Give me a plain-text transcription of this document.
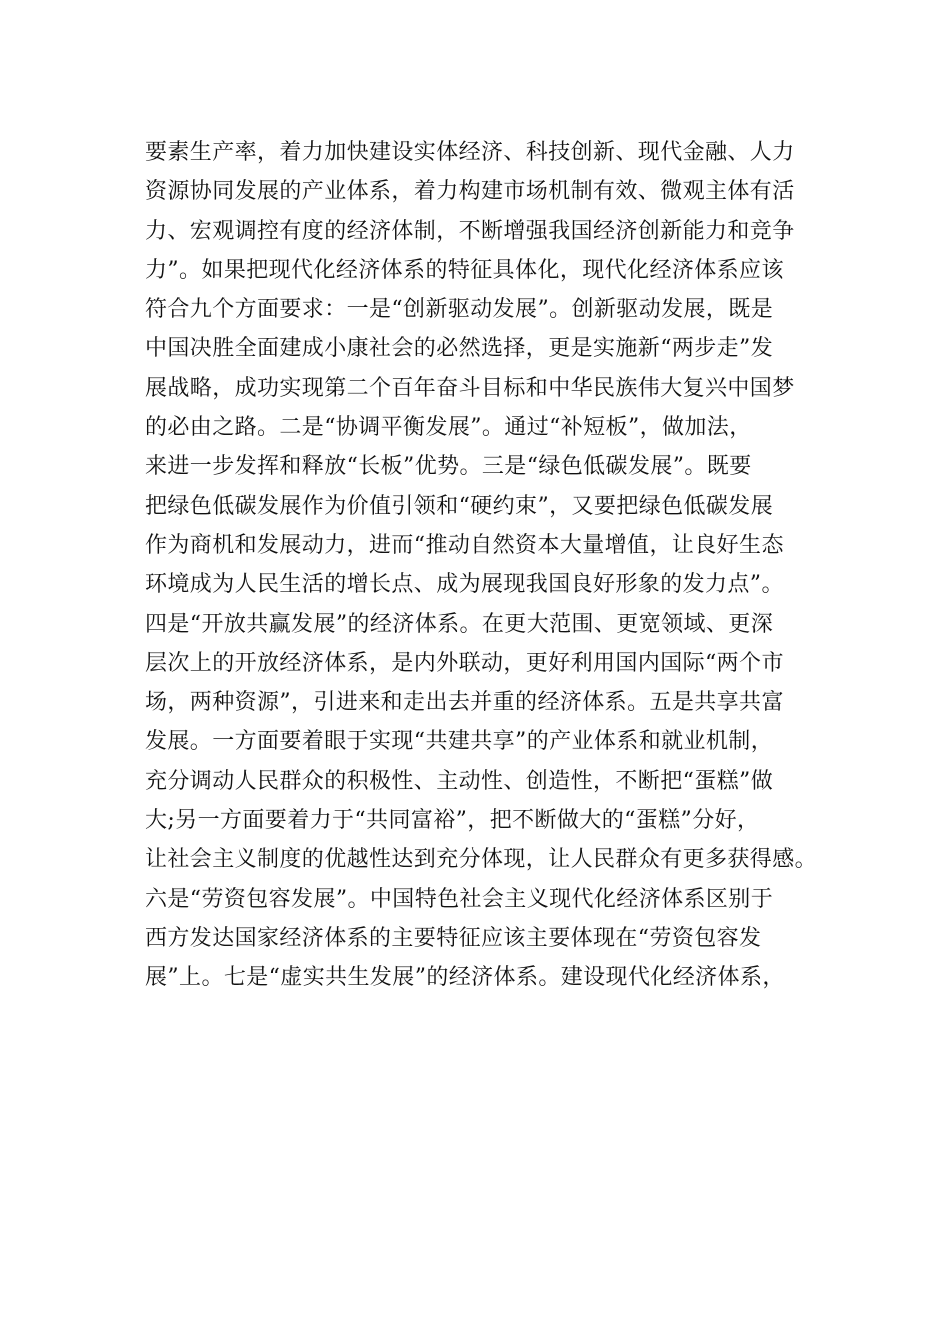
要素生产率，着力加快建设实体经济、科技创新、现代金融、人力
资源协同发展的产业体系，着力构建市场机制有效、微观主体有活
力、宏观调控有度的经济体制，不断增强我国经济创新能力和竞争
力”。如果把现代化经济体系的特征具体化，现代化经济体系应该
符合九个方面要求：一是“创新驱动发展”。创新驱动发展，既是
中国决胜全面建成小康社会的必然选择，更是实施新“两步走”发
展战略，成功实现第二个百年奋斗目标和中华民族伟大复兴中国梦
的必由之路。二是“协调平衡发展”。通过“补短板”，做加法，
来进一步发挥和释放“长板”优势。三是“绿色低碳发展”。既要
把绿色低碳发展作为价值引领和“硬约束”，又要把绿色低碳发展
作为商机和发展动力，进而“推动自然资本大量增值，让良好生态
环境成为人民生活的增长点、成为展现我国良好形象的发力点”。
四是“开放共赢发展”的经济体系。在更大范围、更宽领域、更深
层次上的开放经济体系，是内外联动，更好利用国内国际“两个市
场，两种资源”，引进来和走出去并重的经济体系。五是共享共富
发展。一方面要着眼于实现“共建共享”的产业体系和就业机制，
充分调动人民群众的积极性、主动性、创造性，不断把“蛋糕”做
大;另一方面要着力于“共同富裕”，把不断做大的“蛋糕”分好，
让社会主义制度的优越性达到充分体现，让人民群众有更多获得感。
六是“劳资包容发展”。中国特色社会主义现代化经济体系区别于
西方发达国家经济体系的主要特征应该主要体现在“劳资包容发
展”上。七是“虚实共生发展”的经济体系。建设现代化经济体系，
